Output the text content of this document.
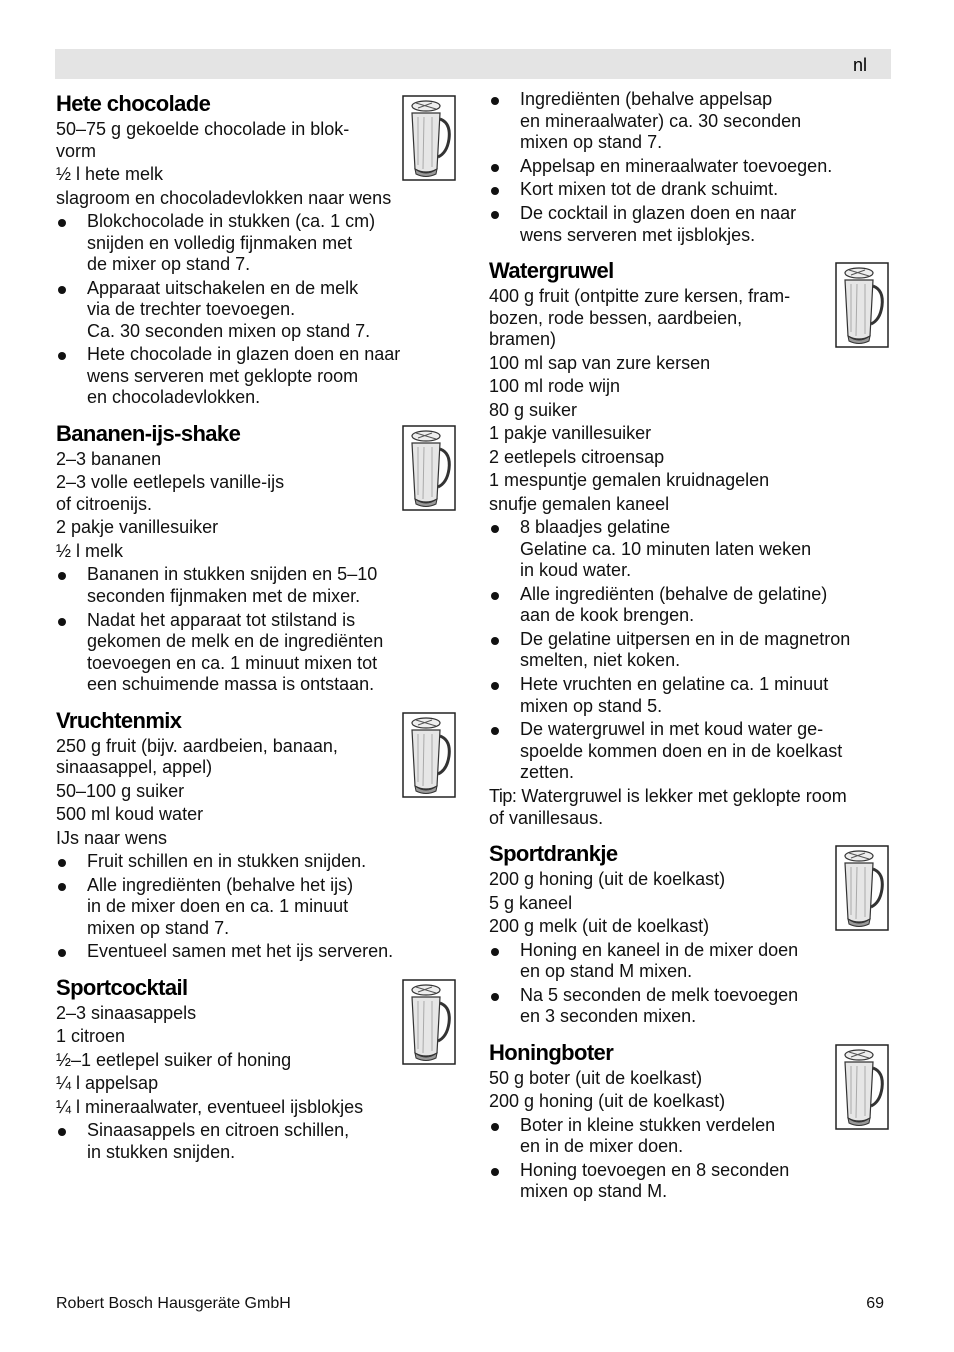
nl
Hete chocolade

50–75 g gekoelde chocolade in blok-
vorm

½ l hete melk

slagroom en chocoladevlokken naar wens

Blokchocolade in stukken (ca. 1 cm)
snijden en volledig fijnmaken met
de mixer op stand 7.
Apparaat uitschakelen en de melk
via de trechter toevoegen.
Ca. 30 seconden mixen op stand 7.
Hete chocolade in glazen doen en naar
wens serveren met geklopte room
en chocoladevlokken.
Bananen-ijs-shake

2–3 bananen

2–3 volle eetlepels vanille-ijs
of citroenijs.

2 pakje vanillesuiker

½ l melk

Bananen in stukken snijden en 5–10
seconden fijnmaken met de mixer.
Nadat het apparaat tot stilstand is
gekomen de melk en de ingrediënten
toevoegen en ca. 1 minuut mixen tot
een schuimende massa is ontstaan.
Vruchtenmix

250 g fruit (bijv. aardbeien, banaan,
sinaasappel, appel)

50–100 g suiker

500 ml koud water

IJs naar wens

Fruit schillen en in stukken snijden.
Alle ingrediënten (behalve het ijs)
in de mixer doen en ca. 1 minuut
mixen op stand 7.
Eventueel samen met het ijs serveren.
Sportcocktail

2–3 sinaasappels

1 citroen

½–1 eetlepel suiker of honing

¼ l appelsap

¼ l mineraalwater, eventueel ijsblokjes

Sinaasappels en citroen schillen,
in stukken snijden.
Ingrediënten (behalve appelsap
en mineraalwater) ca. 30 seconden
mixen op stand 7.
Appelsap en mineraalwater toevoegen.
Kort mixen tot de drank schuimt.
De cocktail in glazen doen en naar
wens serveren met ijsblokjes.
Watergruwel

400 g fruit (ontpitte zure kersen, fram-
bozen, rode bessen, aardbeien,
bramen)

100 ml sap van zure kersen

100 ml rode wijn

80 g suiker

1 pakje vanillesuiker

2 eetlepels citroensap

1 mespuntje gemalen kruidnagelen

snufje gemalen kaneel

8 blaadjes gelatine
Gelatine ca. 10 minuten laten weken
in koud water.
Alle ingrediënten (behalve de gelatine)
aan de kook brengen.
De gelatine uitpersen en in de magnetron
smelten, niet koken.
Hete vruchten en gelatine ca. 1 minuut
mixen op stand 5.
De watergruwel in met koud water ge-
spoelde kommen doen en in de koelkast
zetten.

Tip: Watergruwel is lekker met geklopte room
of vanillesaus.

Sportdrankje

200 g honing (uit de koelkast)

5 g kaneel

200 g melk (uit de koelkast)

Honing en kaneel in de mixer doen
en op stand M mixen.
Na 5 seconden de melk toevoegen
en 3 seconden mixen.
Honingboter

50 g boter (uit de koelkast)

200 g honing (uit de koelkast)

Boter in kleine stukken verdelen
en in de mixer doen.
Honing toevoegen en 8 seconden
mixen op stand M.
Robert Bosch Hausgeräte GmbH	69
